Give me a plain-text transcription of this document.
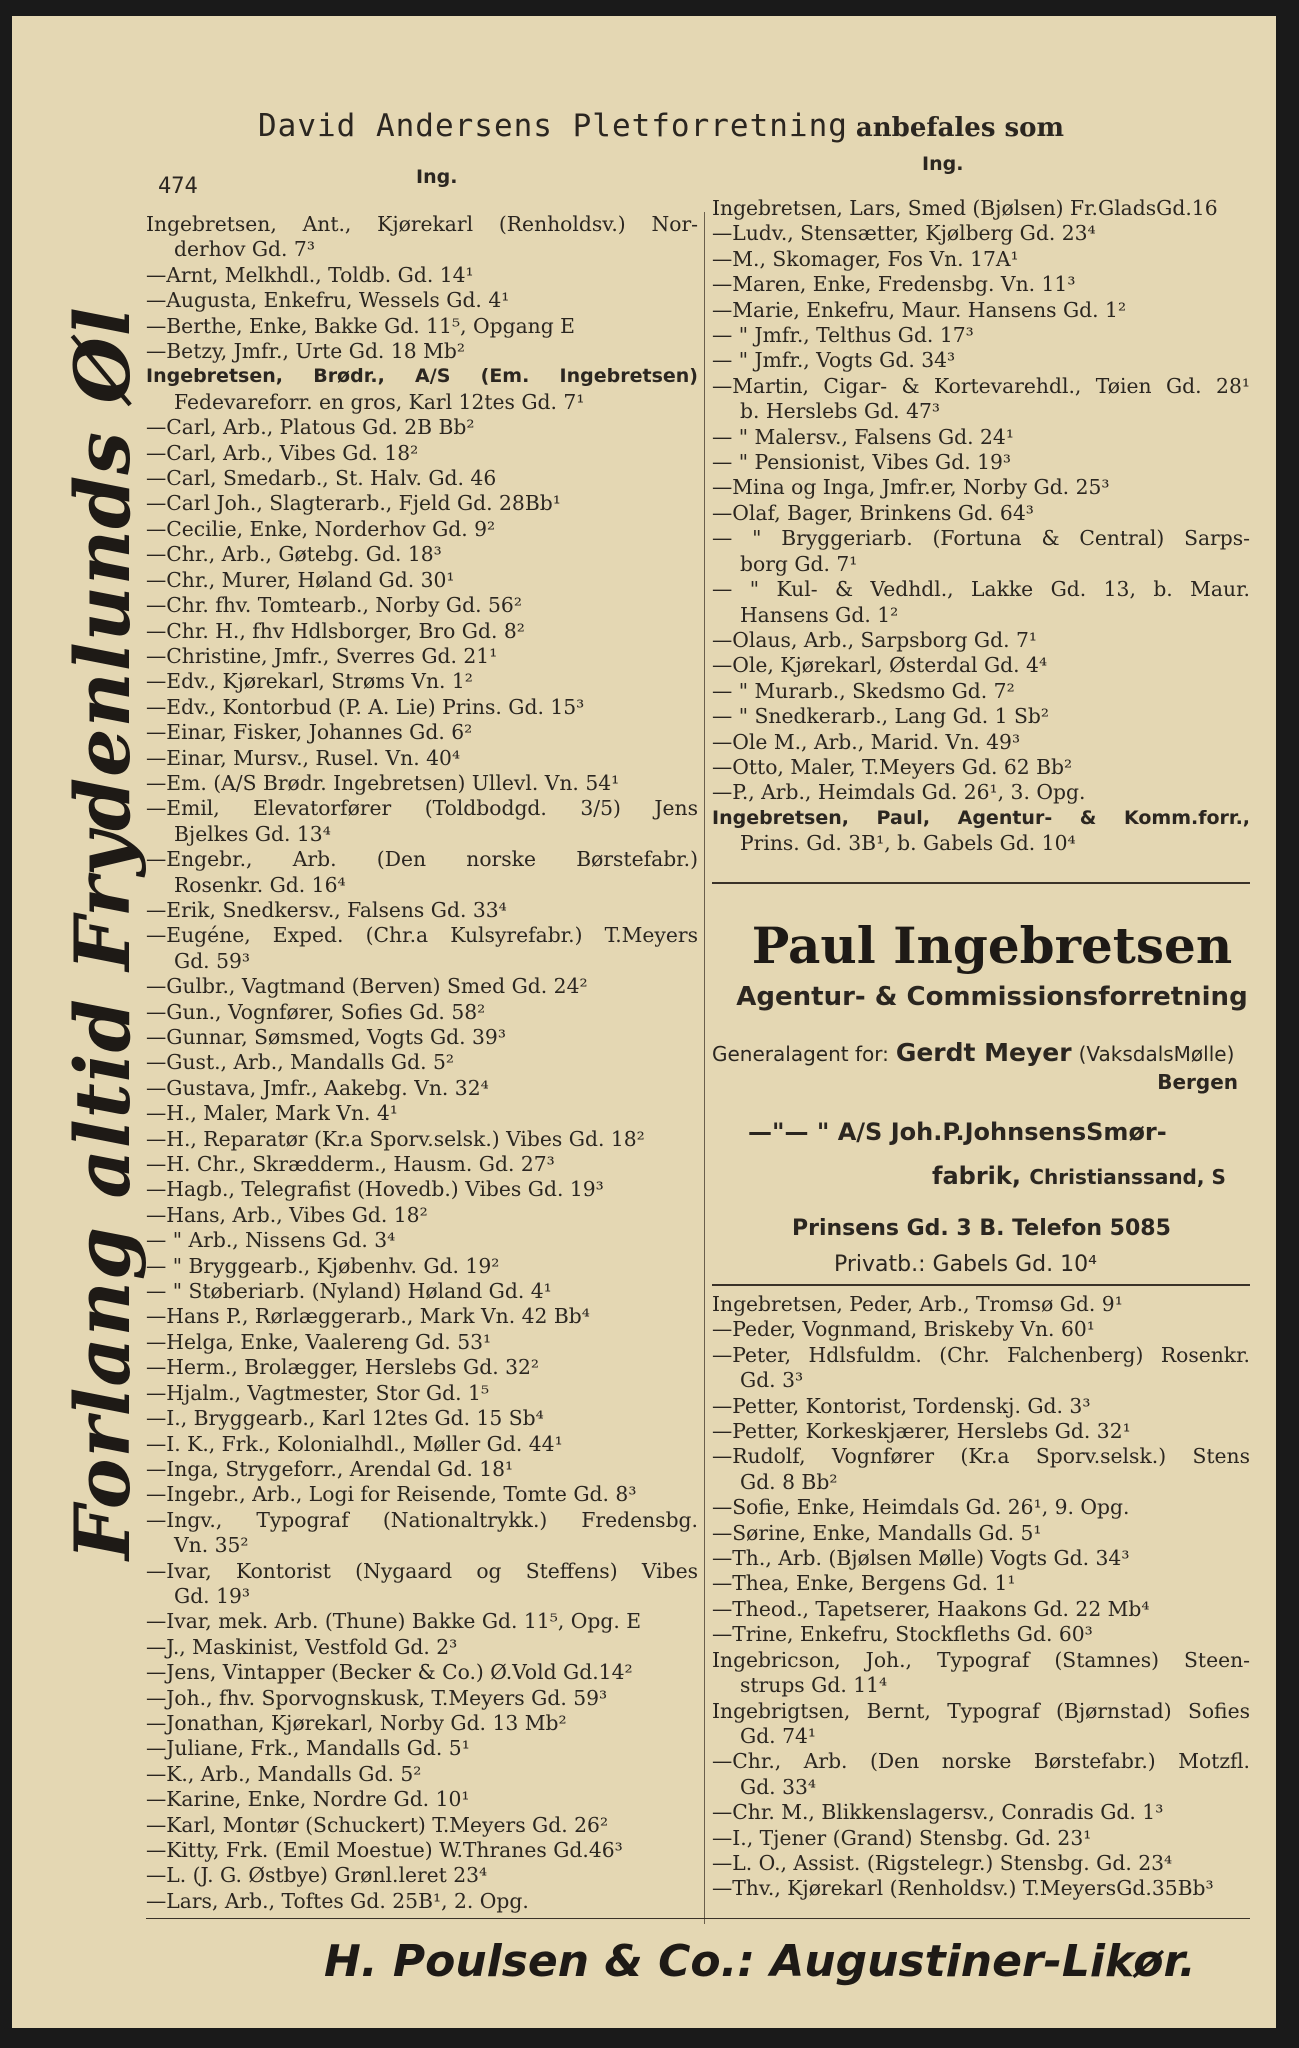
David Andersens Pletforretning anbefales som
474	Ing.
Ing.
Forlang altid Frydenlunds Øl
Ingebretsen, Ant., Kjørekarl (Renholdsv.) Nor-
derhov Gd. 7³
—Arnt, Melkhdl., Toldb. Gd. 14¹
—Augusta, Enkefru, Wessels Gd. 4¹
—Berthe, Enke, Bakke Gd. 11⁵, Opgang E
—Betzy, Jmfr., Urte Gd. 18 Mb²
Ingebretsen, Brødr., A/S (Em. Ingebretsen)
Fedevareforr. en gros, Karl 12tes Gd. 7¹
—Carl, Arb., Platous Gd. 2B Bb²
—Carl, Arb., Vibes Gd. 18²
—Carl, Smedarb., St. Halv. Gd. 46
—Carl Joh., Slagterarb., Fjeld Gd. 28Bb¹
—Cecilie, Enke, Norderhov Gd. 9²
—Chr., Arb., Gøtebg. Gd. 18³
—Chr., Murer, Høland Gd. 30¹
—Chr. fhv. Tomtearb., Norby Gd. 56²
—Chr. H., fhv Hdlsborger, Bro Gd. 8²
—Christine, Jmfr., Sverres Gd. 21¹
—Edv., Kjørekarl, Strøms Vn. 1²
—Edv., Kontorbud (P. A. Lie) Prins. Gd. 15³
—Einar, Fisker, Johannes Gd. 6²
—Einar, Mursv., Rusel. Vn. 40⁴
—Em. (A/S Brødr. Ingebretsen) Ullevl. Vn. 54¹
—Emil, Elevatorfører (Toldbodgd. 3/5) Jens
Bjelkes Gd. 13⁴
—Engebr., Arb. (Den norske Børstefabr.)
Rosenkr. Gd. 16⁴
—Erik, Snedkersv., Falsens Gd. 33⁴
—Eugéne, Exped. (Chr.a Kulsyrefabr.) T.Meyers
Gd. 59³
—Gulbr., Vagtmand (Berven) Smed Gd. 24²
—Gun., Vognfører, Sofies Gd. 58²
—Gunnar, Sømsmed, Vogts Gd. 39³
—Gust., Arb., Mandalls Gd. 5²
—Gustava, Jmfr., Aakebg. Vn. 32⁴
—H., Maler, Mark Vn. 4¹
—H., Reparatør (Kr.a Sporv.selsk.) Vibes Gd. 18²
—H. Chr., Skrædderm., Hausm. Gd. 27³
—Hagb., Telegrafist (Hovedb.) Vibes Gd. 19³
—Hans, Arb., Vibes Gd. 18²
— " Arb., Nissens Gd. 3⁴
— " Bryggearb., Kjøbenhv. Gd. 19²
— " Støberiarb. (Nyland) Høland Gd. 4¹
—Hans P., Rørlæggerarb., Mark Vn. 42 Bb⁴
—Helga, Enke, Vaalereng Gd. 53¹
—Herm., Brolægger, Herslebs Gd. 32²
—Hjalm., Vagtmester, Stor Gd. 1⁵
—I., Bryggearb., Karl 12tes Gd. 15 Sb⁴
—I. K., Frk., Kolonialhdl., Møller Gd. 44¹
—Inga, Strygeforr., Arendal Gd. 18¹
—Ingebr., Arb., Logi for Reisende, Tomte Gd. 8³
—Ingv., Typograf (Nationaltrykk.) Fredensbg.
Vn. 35²
—Ivar, Kontorist (Nygaard og Steffens) Vibes
Gd. 19³
—Ivar, mek. Arb. (Thune) Bakke Gd. 11⁵, Opg. E
—J., Maskinist, Vestfold Gd. 2³
—Jens, Vintapper (Becker & Co.) Ø.Vold Gd.14²
—Joh., fhv. Sporvognskusk, T.Meyers Gd. 59³
—Jonathan, Kjørekarl, Norby Gd. 13 Mb²
—Juliane, Frk., Mandalls Gd. 5¹
—K., Arb., Mandalls Gd. 5²
—Karine, Enke, Nordre Gd. 10¹
—Karl, Montør (Schuckert) T.Meyers Gd. 26²
—Kitty, Frk. (Emil Moestue) W.Thranes Gd.46³
—L. (J. G. Østbye) Grønl.leret 23⁴
—Lars, Arb., Toftes Gd. 25B¹, 2. Opg.
Ingebretsen, Lars, Smed (Bjølsen) Fr.GladsGd.16
—Ludv., Stensætter, Kjølberg Gd. 23⁴
—M., Skomager, Fos Vn. 17A¹
—Maren, Enke, Fredensbg. Vn. 11³
—Marie, Enkefru, Maur. Hansens Gd. 1²
— " Jmfr., Telthus Gd. 17³
— " Jmfr., Vogts Gd. 34³
—Martin, Cigar- & Kortevarehdl., Tøien Gd. 28¹
b. Herslebs Gd. 47³
— " Malersv., Falsens Gd. 24¹
— " Pensionist, Vibes Gd. 19³
—Mina og Inga, Jmfr.er, Norby Gd. 25³
—Olaf, Bager, Brinkens Gd. 64³
— " Bryggeriarb. (Fortuna & Central) Sarps-
borg Gd. 7¹
— " Kul- & Vedhdl., Lakke Gd. 13, b. Maur.
Hansens Gd. 1²
—Olaus, Arb., Sarpsborg Gd. 7¹
—Ole, Kjørekarl, Østerdal Gd. 4⁴
— " Murarb., Skedsmo Gd. 7²
— " Snedkerarb., Lang Gd. 1 Sb²
—Ole M., Arb., Marid. Vn. 49³
—Otto, Maler, T.Meyers Gd. 62 Bb²
—P., Arb., Heimdals Gd. 26¹, 3. Opg.
Ingebretsen, Paul, Agentur- & Komm.forr.,
Prins. Gd. 3B¹, b. Gabels Gd. 10⁴
Paul Ingebretsen
Agentur- & Commissionsforretning
Generalagent for: Gerdt Meyer (VaksdalsMølle)
Bergen
—"— " A/S Joh.P.JohnsensSmør-
fabrik, Christianssand, S
Prinsens Gd. 3 B. Telefon 5085
Privatb.: Gabels Gd. 10⁴
Ingebretsen, Peder, Arb., Tromsø Gd. 9¹
—Peder, Vognmand, Briskeby Vn. 60¹
—Peter, Hdlsfuldm. (Chr. Falchenberg) Rosenkr.
Gd. 3³
—Petter, Kontorist, Tordenskj. Gd. 3³
—Petter, Korkeskjærer, Herslebs Gd. 32¹
—Rudolf, Vognfører (Kr.a Sporv.selsk.) Stens
Gd. 8 Bb²
—Sofie, Enke, Heimdals Gd. 26¹, 9. Opg.
—Sørine, Enke, Mandalls Gd. 5¹
—Th., Arb. (Bjølsen Mølle) Vogts Gd. 34³
—Thea, Enke, Bergens Gd. 1¹
—Theod., Tapetserer, Haakons Gd. 22 Mb⁴
—Trine, Enkefru, Stockfleths Gd. 60³
Ingebricson, Joh., Typograf (Stamnes) Steen-
strups Gd. 11⁴
Ingebrigtsen, Bernt, Typograf (Bjørnstad) Sofies
Gd. 74¹
—Chr., Arb. (Den norske Børstefabr.) Motzfl.
Gd. 33⁴
—Chr. M., Blikkenslagersv., Conradis Gd. 1³
—I., Tjener (Grand) Stensbg. Gd. 23¹
—L. O., Assist. (Rigstelegr.) Stensbg. Gd. 23⁴
—Thv., Kjørekarl (Renholdsv.) T.MeyersGd.35Bb³
H. Poulsen & Co.: Augustiner-Likør.
